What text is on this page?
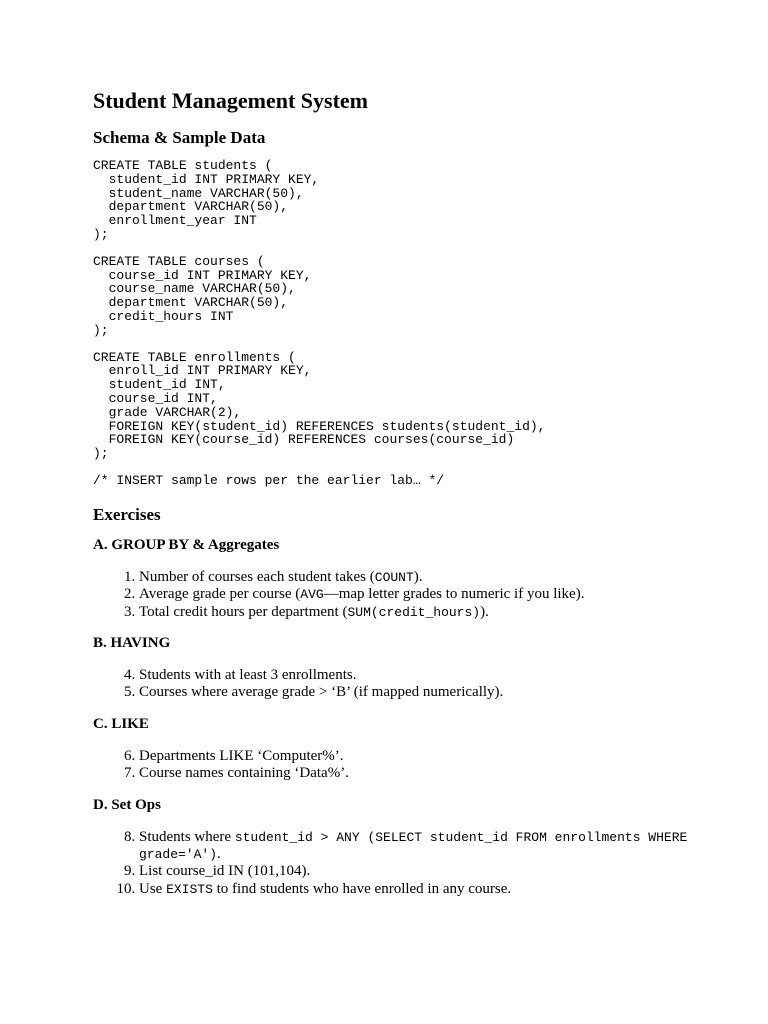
Student Management System
Schema & Sample Data
CREATE TABLE students (
student_id INT PRIMARY KEY,
student_name VARCHAR(50),
department VARCHAR(50),
enrollment_year INT
);
CREATE TABLE courses (
course_id INT PRIMARY KEY,
course_name VARCHAR(50),
department VARCHAR(50),
credit_hours INT
);
CREATE TABLE enrollments (
enroll_id INT PRIMARY KEY,
student_id INT,
course_id INT,
grade VARCHAR(2),
FOREIGN KEY(student_id) REFERENCES students(student_id),
FOREIGN KEY(course_id) REFERENCES courses(course_id)
);
/* INSERT sample rows per the earlier lab… */
Exercises
A. GROUP BY & Aggregates
1. Number of courses each student takes (COUNT).
2. Average grade per course (AVG—map letter grades to numeric if you like).
3. Total credit hours per department (SUM(credit_hours)).
B. HAVING
4. Students with at least 3 enrollments.
5. Courses where average grade > ‘B’ (if mapped numerically).
C. LIKE
6. Departments LIKE ‘Computer%’.
7. Course names containing ‘Data%’.
D. Set Ops
8. Students where student_id > ANY (SELECT student_id FROM enrollments WHERE grade='A').
9. List course_id IN (101,104).
10. Use EXISTS to find students who have enrolled in any course.
